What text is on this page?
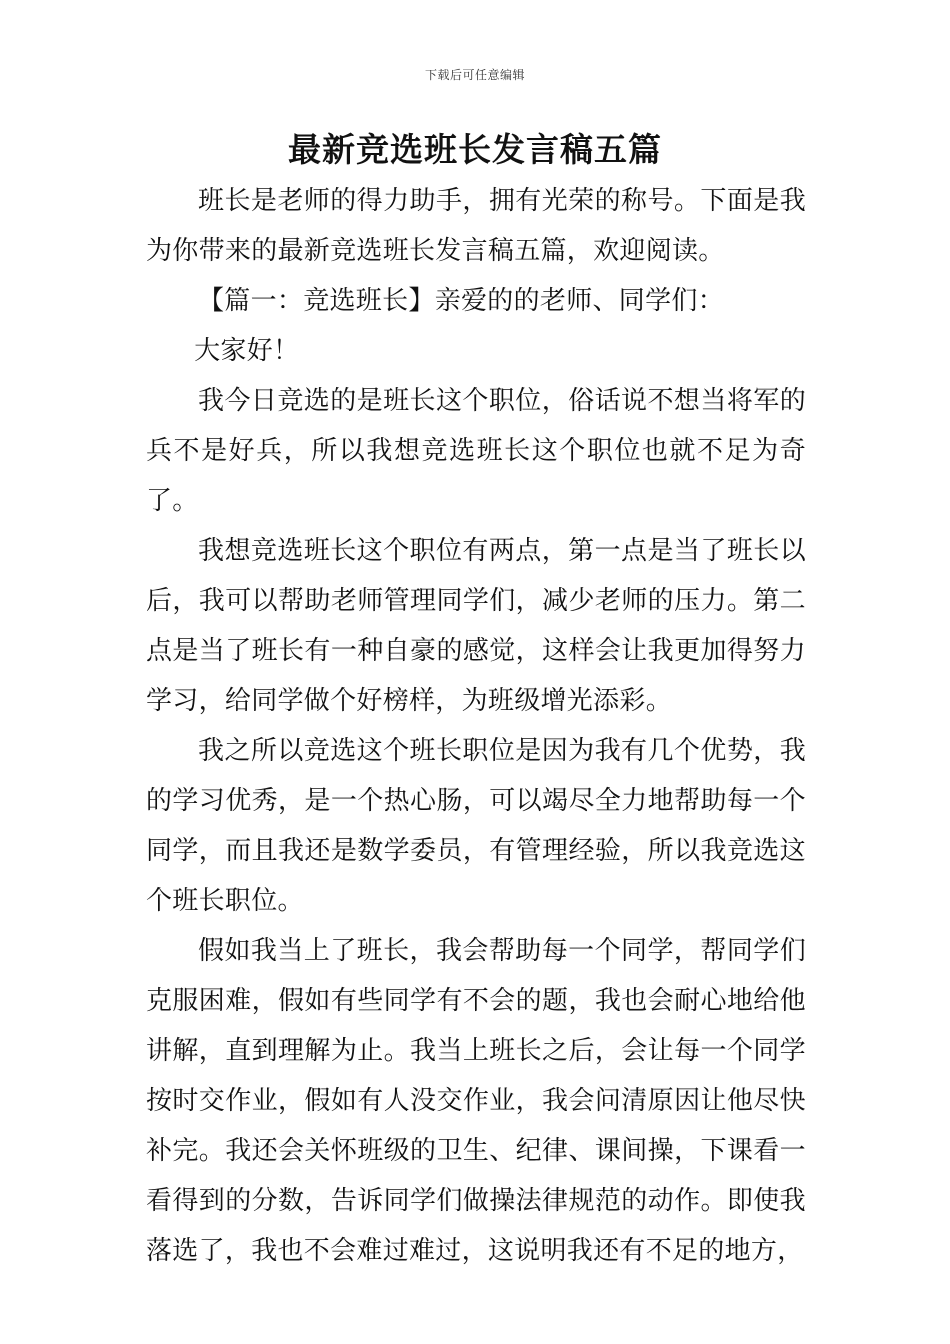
下载后可任意编辑
最新竞选班长发言稿五篇

班长是老师的得力助手，拥有光荣的称号。下面是我为你带来的最新竞选班长发言稿五篇，欢迎阅读。

【篇一：竞选班长】亲爱的的老师、同学们：

大家好！

我今日竞选的是班长这个职位，俗话说不想当将军的兵不是好兵，所以我想竞选班长这个职位也就不足为奇了。

我想竞选班长这个职位有两点，第一点是当了班长以后，我可以帮助老师管理同学们，减少老师的压力。第二点是当了班长有一种自豪的感觉，这样会让我更加得努力学习，给同学做个好榜样，为班级增光添彩。

我之所以竞选这个班长职位是因为我有几个优势，我的学习优秀，是一个热心肠，可以竭尽全力地帮助每一个同学，而且我还是数学委员，有管理经验，所以我竞选这个班长职位。

假如我当上了班长，我会帮助每一个同学，帮同学们克服困难，假如有些同学有不会的题，我也会耐心地给他讲解，直到理解为止。我当上班长之后，会让每一个同学按时交作业，假如有人没交作业，我会问清原因让他尽快补完。我还会关怀班级的卫生、纪律、课间操，下课看一看得到的分数，告诉同学们做操法律规范的动作。即使我落选了，我也不会难过难过，这说明我还有不足的地方，
